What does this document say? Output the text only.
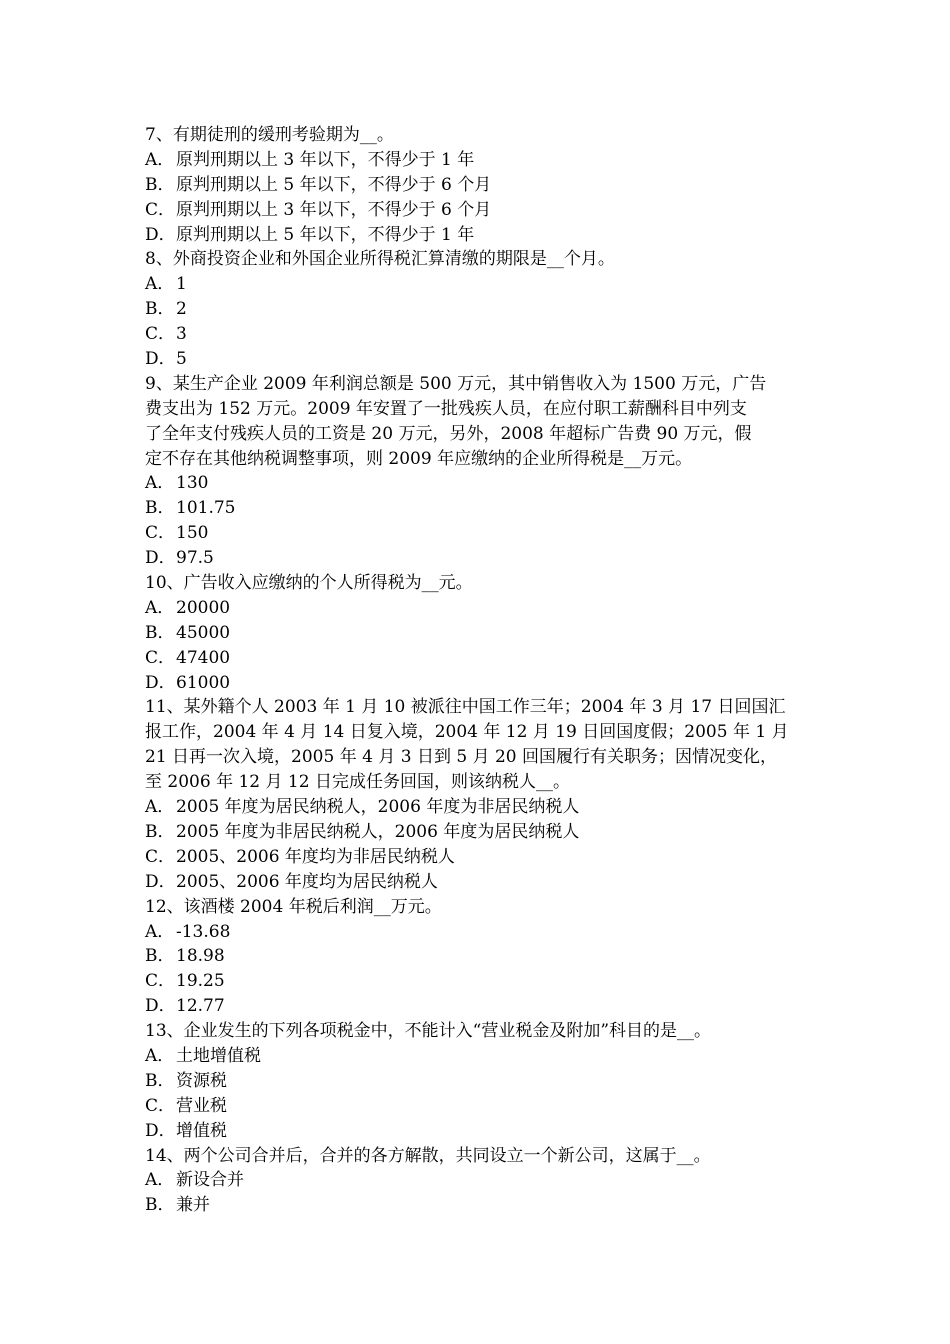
7、有期徒刑的缓刑考验期为__。
A． 原判刑期以上 3 年以下，不得少于 1 年
B．原判刑期以上 5 年以下，不得少于 6 个月
C．原判刑期以上 3 年以下，不得少于 6 个月
D．原判刑期以上 5 年以下，不得少于 1 年
8、外商投资企业和外国企业所得税汇算清缴的期限是__个月。
A． 1
B．2
C．3
D．5
9、某生产企业 2009 年利润总额是 500 万元，其中销售收入为 1500 万元，广告
费支出为 152 万元。2009 年安置了一批残疾人员，在应付职工薪酬科目中列支
了全年支付残疾人员的工资是 20 万元，另外，2008 年超标广告费 90 万元，假
定不存在其他纳税调整事项，则 2009 年应缴纳的企业所得税是__万元。
A． 130
B．101.75
C．150
D．97.5
10、广告收入应缴纳的个人所得税为__元。
A． 20000
B．45000
C．47400
D．61000
11、某外籍个人 2003 年 1 月 10 被派往中国工作三年；2004 年 3 月 17 日回国汇
报工作，2004 年 4 月 14 日复入境，2004 年 12 月 19 日回国度假；2005 年 1 月
21 日再一次入境，2005 年 4 月 3 日到 5 月 20 回国履行有关职务；因情况变化，
至 2006 年 12 月 12 日完成任务回国，则该纳税人__。
A． 2005 年度为居民纳税人，2006 年度为非居民纳税人
B．2005 年度为非居民纳税人，2006 年度为居民纳税人
C．2005、2006 年度均为非居民纳税人
D．2005、2006 年度均为居民纳税人
12、该酒楼 2004 年税后利润__万元。
A． -13.68
B．18.98
C．19.25
D．12.77
13、企业发生的下列各项税金中，不能计入“营业税金及附加”科目的是__。
A． 土地增值税
B．资源税
C．营业税
D．增值税
14、两个公司合并后，合并的各方解散，共同设立一个新公司，这属于__。
A． 新设合并
B．兼并
